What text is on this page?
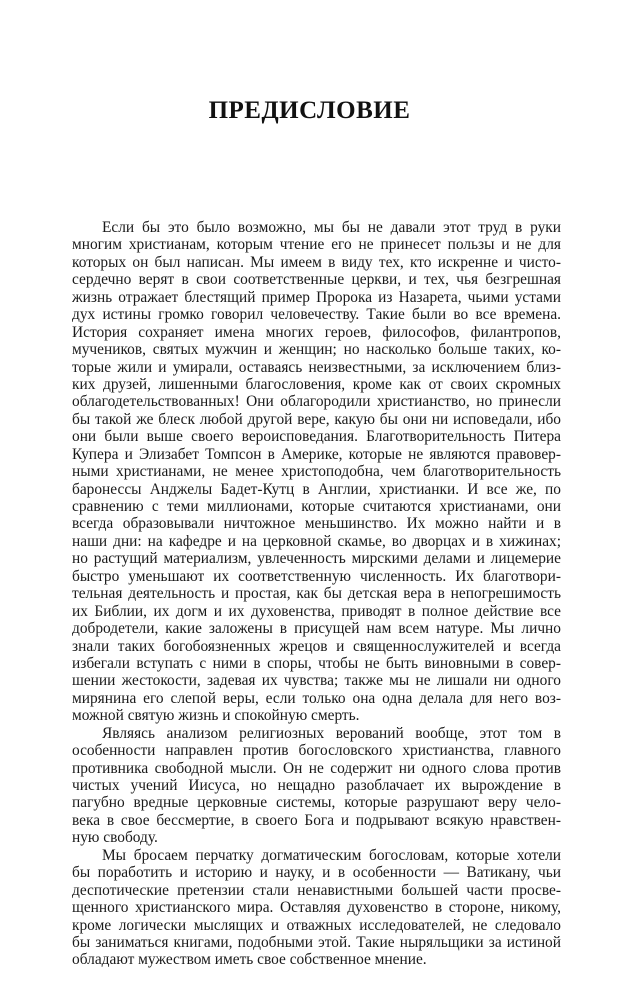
ПРЕДИСЛОВИЕ
Если бы это было возможно, мы бы не давали этот труд в руки
многим христианам, которым чтение его не принесет пользы и не для
которых он был написан. Мы имеем в виду тех, кто искренне и чисто-
сердечно верят в свои соответственные церкви, и тех, чья безгрешная
жизнь отражает блестящий пример Пророка из Назарета, чьими устами
дух истины громко говорил человечеству. Такие были во все времена.
История сохраняет имена многих героев, философов, филантропов,
мучеников, святых мужчин и женщин; но насколько больше таких, ко-
торые жили и умирали, оставаясь неизвестными, за исключением близ-
ких друзей, лишенными благословения, кроме как от своих скромных
облагодетельствованных! Они облагородили христианство, но принесли
бы такой же блеск любой другой вере, какую бы они ни исповедали, ибо
они были выше своего вероисповедания. Благотворительность Питера
Купера и Элизабет Томпсон в Америке, которые не являются правовер-
ными христианами, не менее христоподобна, чем благотворительность
баронессы Анджелы Бадет-Кутц в Англии, христианки. И все же, по
сравнению с теми миллионами, которые считаются христианами, они
всегда образовывали ничтожное меньшинство. Их можно найти и в
наши дни: на кафедре и на церковной скамье, во дворцах и в хижинах;
но растущий материализм, увлеченность мирскими делами и лицемерие
быстро уменьшают их соответственную численность. Их благотвори-
тельная деятельность и простая, как бы детская вера в непогрешимость
их Библии, их догм и их духовенства, приводят в полное действие все
добродетели, какие заложены в присущей нам всем натуре. Мы лично
знали таких богобоязненных жрецов и священнослужителей и всегда
избегали вступать с ними в споры, чтобы не быть виновными в совер-
шении жестокости, задевая их чувства; также мы не лишали ни одного
мирянина его слепой веры, если только она одна делала для него воз-
можной святую жизнь и спокойную смерть.
Являясь анализом религиозных верований вообще, этот том в
особенности направлен против богословского христианства, главного
противника свободной мысли. Он не содержит ни одного слова против
чистых учений Иисуса, но нещадно разоблачает их вырождение в
пагубно вредные церковные системы, которые разрушают веру чело-
века в свое бессмертие, в своего Бога и подрывают всякую нравствен-
ную свободу.
Мы бросаем перчатку догматическим богословам, которые хотели
бы поработить и историю и науку, и в особенности — Ватикану, чьи
деспотические претензии стали ненавистными большей части просве-
щенного христианского мира. Оставляя духовенство в стороне, никому,
кроме логически мыслящих и отважных исследователей, не следовало
бы заниматься книгами, подобными этой. Такие ныряльщики за истиной
обладают мужеством иметь свое собственное мнение.
